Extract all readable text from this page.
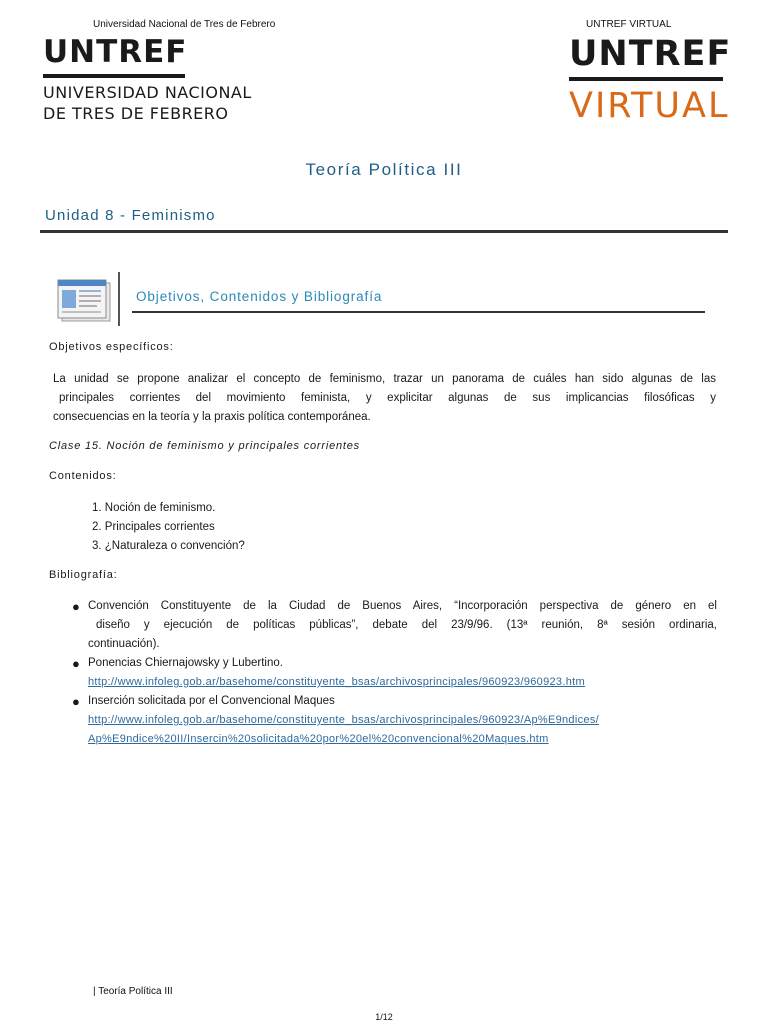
Universidad Nacional de Tres de Febrero	UNTREF VIRTUAL
UNTREF
UNIVERSIDAD NACIONAL
DE TRES DE FEBRERO
UNTREF
VIRTUAL
Teoría Política III
Unidad 8 - Feminismo
Objetivos, Contenidos y Bibliografía
Objetivos específicos:
La unidad se propone analizar el concepto de feminismo, trazar un panorama de cuáles han sido algunas de las
principales corrientes del movimiento feminista, y explicitar algunas de sus implicancias filosóficas y
consecuencias en la teoría y la praxis política contemporánea.
Clase 15. Noción de feminismo y principales corrientes
Contenidos:
1. Noción de feminismo.
2. Principales corrientes
3. ¿Naturaleza o convención?
Bibliografía:
● Convención Constituyente de la Ciudad de Buenos Aires, “Incorporación perspectiva de género en el
diseño y ejecución de políticas públicas”, debate del 23/9/96. (13ª reunión, 8ª sesión ordinaria,
continuación).
● Ponencias Chiernajowsky y Lubertino.
http://www.infoleg.gob.ar/basehome/constituyente_bsas/archivosprincipales/960923/960923.htm
● Inserción solicitada por el Convencional Maques
http://www.infoleg.gob.ar/basehome/constituyente_bsas/archivosprincipales/960923/Ap%E9ndices/
Ap%E9ndice%20II/Insercin%20solicitada%20por%20el%20convencional%20Maques.htm
| Teoría Política III
1/12
